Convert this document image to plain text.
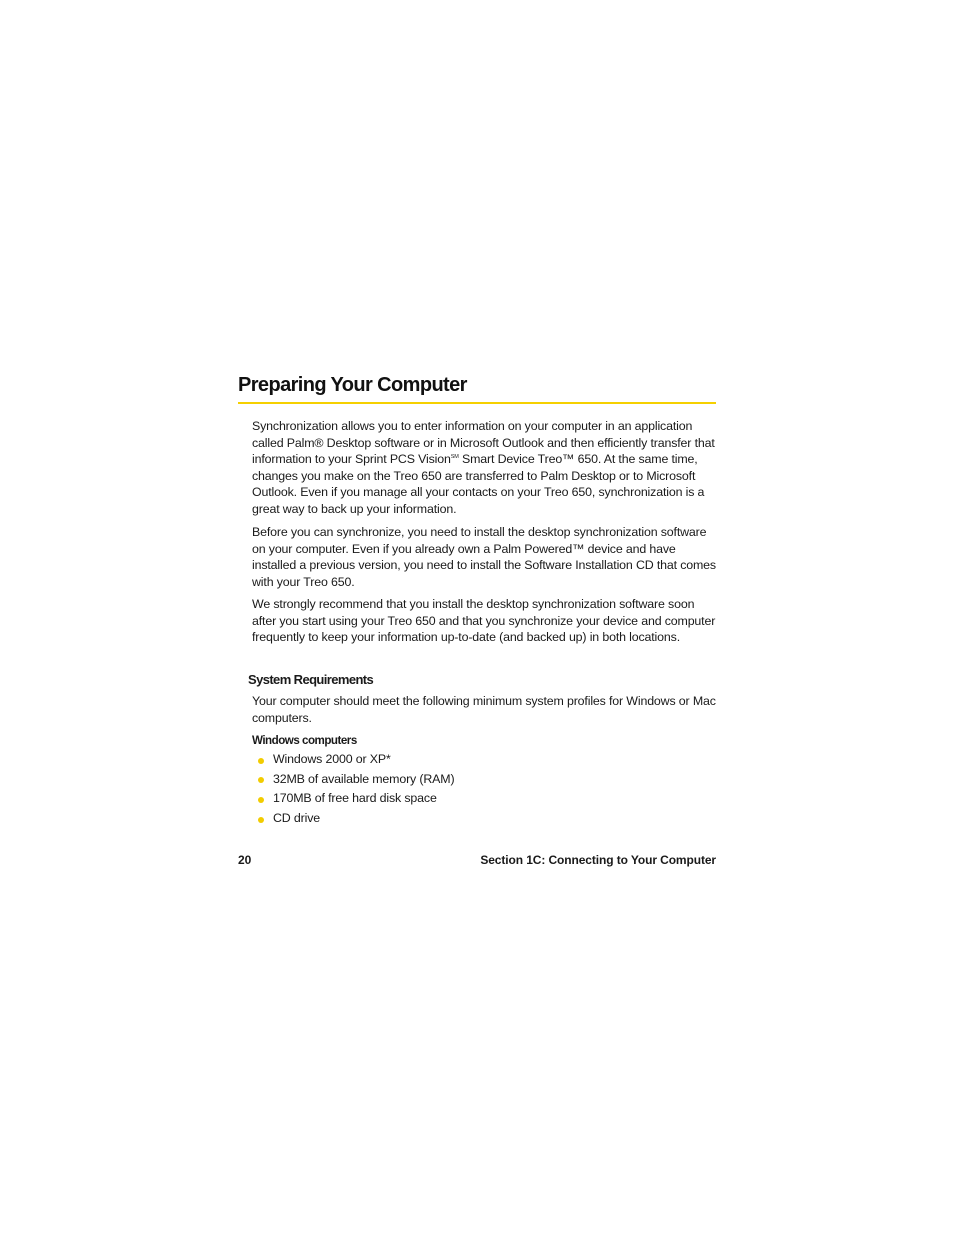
Preparing Your Computer

Synchronization allows you to enter information on your computer in an application called Palm® Desktop software or in Microsoft Outlook and then efficiently transfer that information to your Sprint PCS Vision℠ Smart Device Treo™ 650. At the same time, changes you make on the Treo 650 are transferred to Palm Desktop or to Microsoft Outlook. Even if you manage all your contacts on your Treo 650, synchronization is a great way to back up your information.

Before you can synchronize, you need to install the desktop synchronization software on your computer. Even if you already own a Palm Powered™ device and have installed a previous version, you need to install the Software Installation CD that comes with your Treo 650.

We strongly recommend that you install the desktop synchronization software soon after you start using your Treo 650 and that you synchronize your device and computer frequently to keep your information up-to-date (and backed up) in both locations.

System Requirements

Your computer should meet the following minimum system profiles for Windows or Mac computers.

Windows computers
Windows 2000 or XP*
32MB of available memory (RAM)
170MB of free hard disk space
CD drive

20	Section 1C: Connecting to Your Computer
